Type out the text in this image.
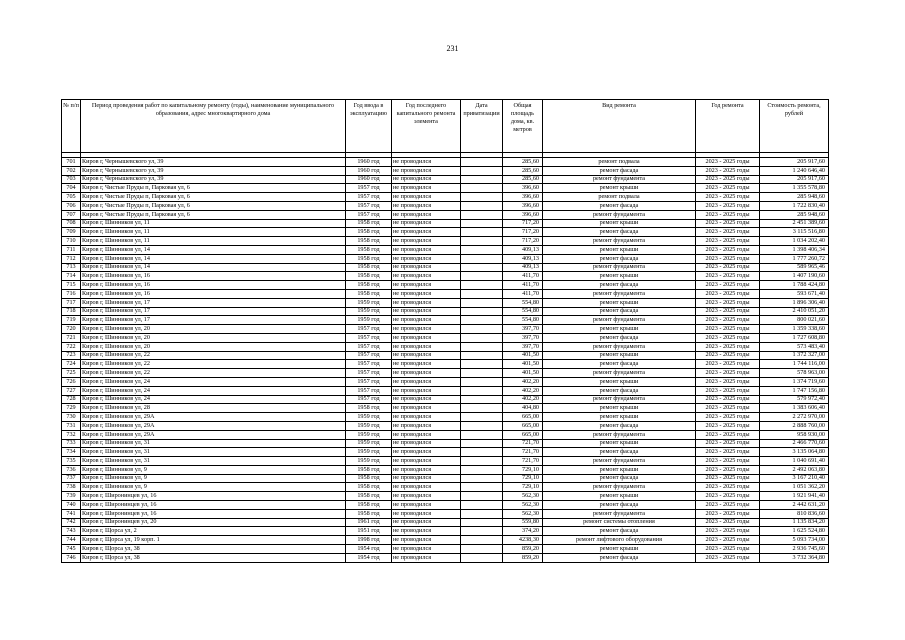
231
№ п/п	Период проведения работ по капитальному ремонту (годы), наименование муниципального образования, адрес многоквартирного дома	Год ввода в эксплуатацию	Год последнего капитального ремонта элемента	Дата приватизации	Общая площадь дома, кв. метров	Вид ремонта	Год ремонта	Стоимость ремонта, рублей

701	Киров г, Чернышевского ул, 39	1960 год	не проводился		285,60	ремонт подвала	2023 - 2025 годы	205 917,60
702	Киров г, Чернышевского ул, 39	1960 год	не проводился		285,60	ремонт фасада	2023 - 2025 годы	1 240 646,40
703	Киров г, Чернышевского ул, 39	1960 год	не проводился		285,60	ремонт фундамента	2023 - 2025 годы	205 917,60
704	Киров г, Чистые Пруды п, Парковая ул, 6	1957 год	не проводился		396,60	ремонт крыши	2023 - 2025 годы	1 355 578,80
705	Киров г, Чистые Пруды п, Парковая ул, 6	1957 год	не проводился		396,60	ремонт подвала	2023 - 2025 годы	285 948,60
706	Киров г, Чистые Пруды п, Парковая ул, 6	1957 год	не проводился		396,60	ремонт фасада	2023 - 2025 годы	1 722 830,40
707	Киров г, Чистые Пруды п, Парковая ул, 6	1957 год	не проводился		396,60	ремонт фундамента	2023 - 2025 годы	285 948,60
708	Киров г, Шинников ул, 11	1958 год	не проводился		717,20	ремонт крыши	2023 - 2025 годы	2 451 389,60
709	Киров г, Шинников ул, 11	1958 год	не проводился		717,20	ремонт фасада	2023 - 2025 годы	3 115 516,80
710	Киров г, Шинников ул, 11	1958 год	не проводился		717,20	ремонт фундамента	2023 - 2025 годы	1 034 202,40
711	Киров г, Шинников ул, 14	1958 год	не проводился		409,13	ремонт крыши	2023 - 2025 годы	1 398 406,34
712	Киров г, Шинников ул, 14	1958 год	не проводился		409,13	ремонт фасада	2023 - 2025 годы	1 777 260,72
713	Киров г, Шинников ул, 14	1958 год	не проводился		409,13	ремонт фундамента	2023 - 2025 годы	589 965,46
714	Киров г, Шинников ул, 16	1958 год	не проводился		411,70	ремонт крыши	2023 - 2025 годы	1 407 190,60
715	Киров г, Шинников ул, 16	1958 год	не проводился		411,70	ремонт фасада	2023 - 2025 годы	1 788 424,80
716	Киров г, Шинников ул, 16	1958 год	не проводился		411,70	ремонт фундамента	2023 - 2025 годы	593 671,40
717	Киров г, Шинников ул, 17	1959 год	не проводился		554,80	ремонт крыши	2023 - 2025 годы	1 896 306,40
718	Киров г, Шинников ул, 17	1959 год	не проводился		554,80	ремонт фасада	2023 - 2025 годы	2 410 051,20
719	Киров г, Шинников ул, 17	1959 год	не проводился		554,80	ремонт фундамента	2023 - 2025 годы	800 021,60
720	Киров г, Шинников ул, 20	1957 год	не проводился		397,70	ремонт крыши	2023 - 2025 годы	1 359 338,60
721	Киров г, Шинников ул, 20	1957 год	не проводился		397,70	ремонт фасада	2023 - 2025 годы	1 727 608,80
722	Киров г, Шинников ул, 20	1957 год	не проводился		397,70	ремонт фундамента	2023 - 2025 годы	573 483,40
723	Киров г, Шинников ул, 22	1957 год	не проводился		401,50	ремонт крыши	2023 - 2025 годы	1 372 327,00
724	Киров г, Шинников ул, 22	1957 год	не проводился		401,50	ремонт фасада	2023 - 2025 годы	1 744 116,00
725	Киров г, Шинников ул, 22	1957 год	не проводился		401,50	ремонт фундамента	2023 - 2025 годы	578 963,00
726	Киров г, Шинников ул, 24	1957 год	не проводился		402,20	ремонт крыши	2023 - 2025 годы	1 374 719,60
727	Киров г, Шинников ул, 24	1957 год	не проводился		402,20	ремонт фасада	2023 - 2025 годы	1 747 156,80
728	Киров г, Шинников ул, 24	1957 год	не проводился		402,20	ремонт фундамента	2023 - 2025 годы	579 972,40
729	Киров г, Шинников ул, 28	1958 год	не проводился		404,80	ремонт крыши	2023 - 2025 годы	1 383 606,40
730	Киров г, Шинников ул, 29А	1959 год	не проводился		665,00	ремонт крыши	2023 - 2025 годы	2 272 970,00
731	Киров г, Шинников ул, 29А	1959 год	не проводился		665,00	ремонт фасада	2023 - 2025 годы	2 888 760,00
732	Киров г, Шинников ул, 29А	1959 год	не проводился		665,00	ремонт фундамента	2023 - 2025 годы	958 930,00
733	Киров г, Шинников ул, 31	1959 год	не проводился		721,70	ремонт крыши	2023 - 2025 годы	2 466 770,60
734	Киров г, Шинников ул, 31	1959 год	не проводился		721,70	ремонт фасада	2023 - 2025 годы	3 135 064,80
735	Киров г, Шинников ул, 31	1959 год	не проводился		721,70	ремонт фундамента	2023 - 2025 годы	1 040 691,40
736	Киров г, Шинников ул, 9	1958 год	не проводился		729,10	ремонт крыши	2023 - 2025 годы	2 492 063,80
737	Киров г, Шинников ул, 9	1958 год	не проводился		729,10	ремонт фасада	2023 - 2025 годы	3 167 210,40
738	Киров г, Шинников ул, 9	1958 год	не проводился		729,10	ремонт фундамента	2023 - 2025 годы	1 051 362,20
739	Киров г, Широнинцев ул, 16	1958 год	не проводился		562,30	ремонт крыши	2023 - 2025 годы	1 921 941,40
740	Киров г, Широнинцев ул, 16	1958 год	не проводился		562,30	ремонт фасада	2023 - 2025 годы	2 442 631,20
741	Киров г, Широнинцев ул, 16	1958 год	не проводился		562,30	ремонт фундамента	2023 - 2025 годы	810 836,60
742	Киров г, Широнинцев ул, 20	1961 год	не проводился		559,80	ремонт системы отопления	2023 - 2025 годы	1 135 834,20
743	Киров г, Щорса ул, 2	1951 год	не проводился		374,20	ремонт фасада	2023 - 2025 годы	1 625 524,80
744	Киров г, Щорса ул, 19 корп. 1	1998 год	не проводился		4238,30	ремонт лифтового оборудования	2023 - 2025 годы	5 093 734,00
745	Киров г, Щорса ул, 38	1954 год	не проводился		859,20	ремонт крыши	2023 - 2025 годы	2 936 745,60
746	Киров г, Щорса ул, 38	1954 год	не проводился		859,20	ремонт фасада	2023 - 2025 годы	3 732 364,80
